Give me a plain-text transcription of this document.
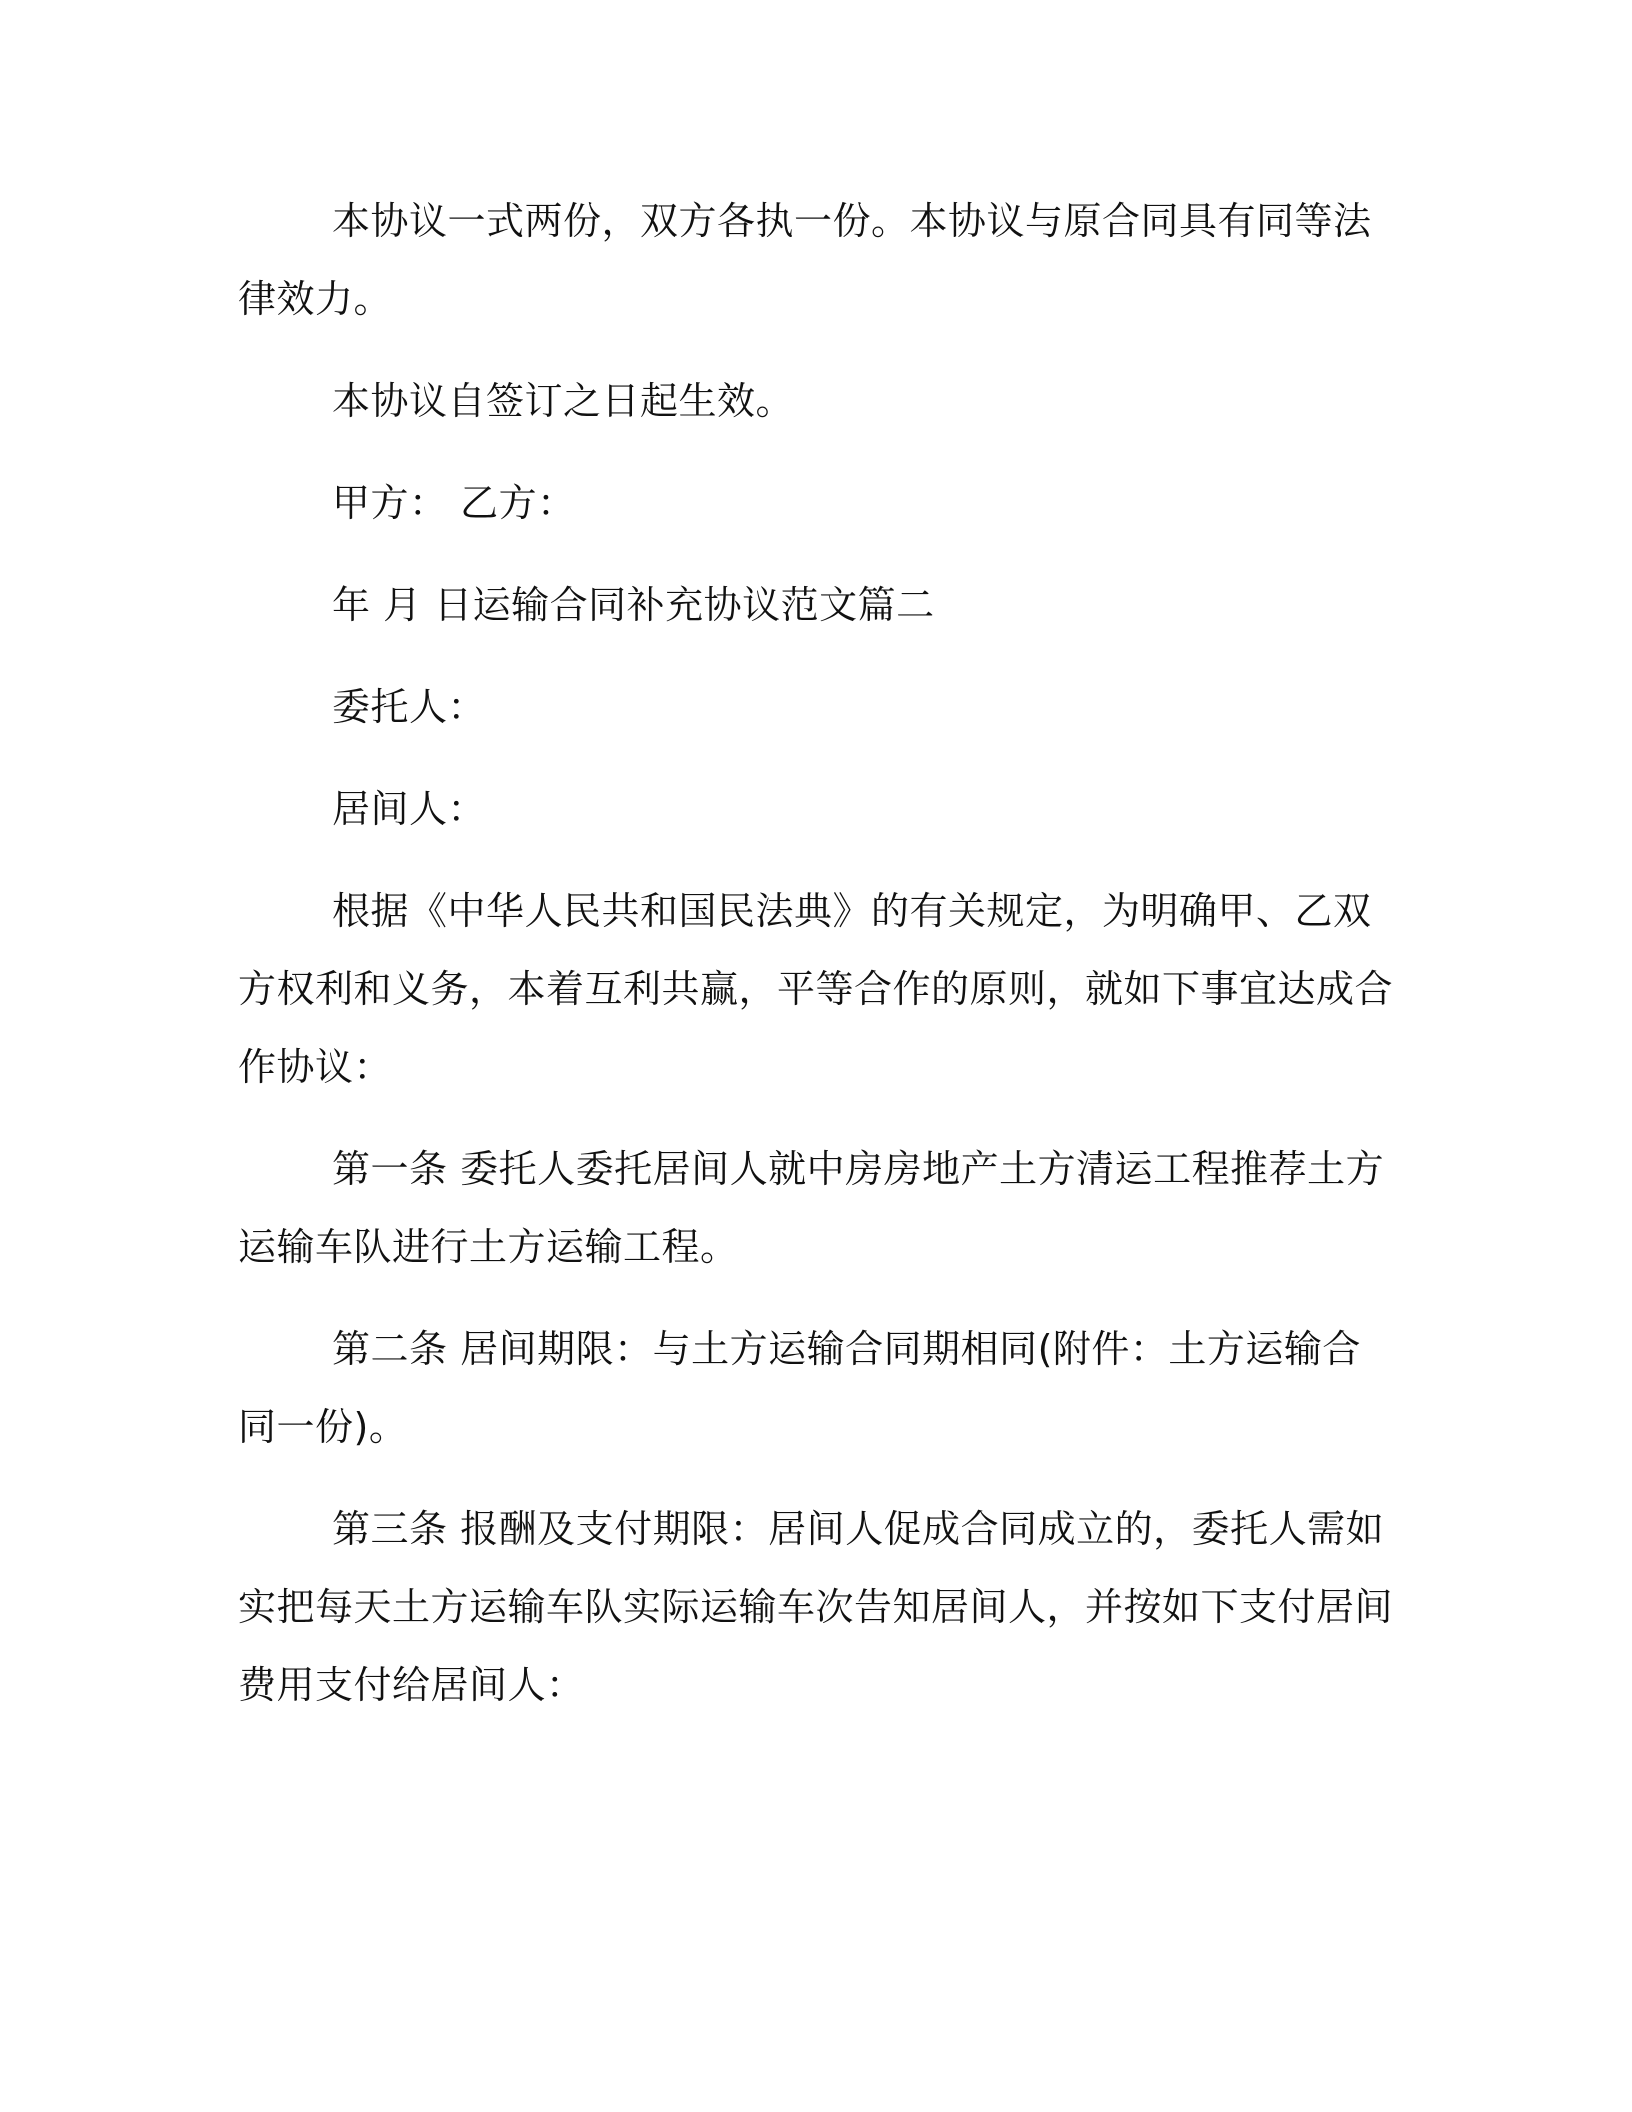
本协议一式两份，双方各执一份。本协议与原合同具有同等法律效力。

本协议自签订之日起生效。

甲方： 乙方：

年 月 日运输合同补充协议范文篇二

委托人：

居间人：

根据《中华人民共和国民法典》的有关规定，为明确甲、乙双方权利和义务，本着互利共赢，平等合作的原则，就如下事宜达成合作协议：

第一条 委托人委托居间人就中房房地产土方清运工程推荐土方运输车队进行土方运输工程。

第二条 居间期限：与土方运输合同期相同(附件：土方运输合同一份)。

第三条 报酬及支付期限：居间人促成合同成立的，委托人需如实把每天土方运输车队实际运输车次告知居间人，并按如下支付居间费用支付给居间人：
